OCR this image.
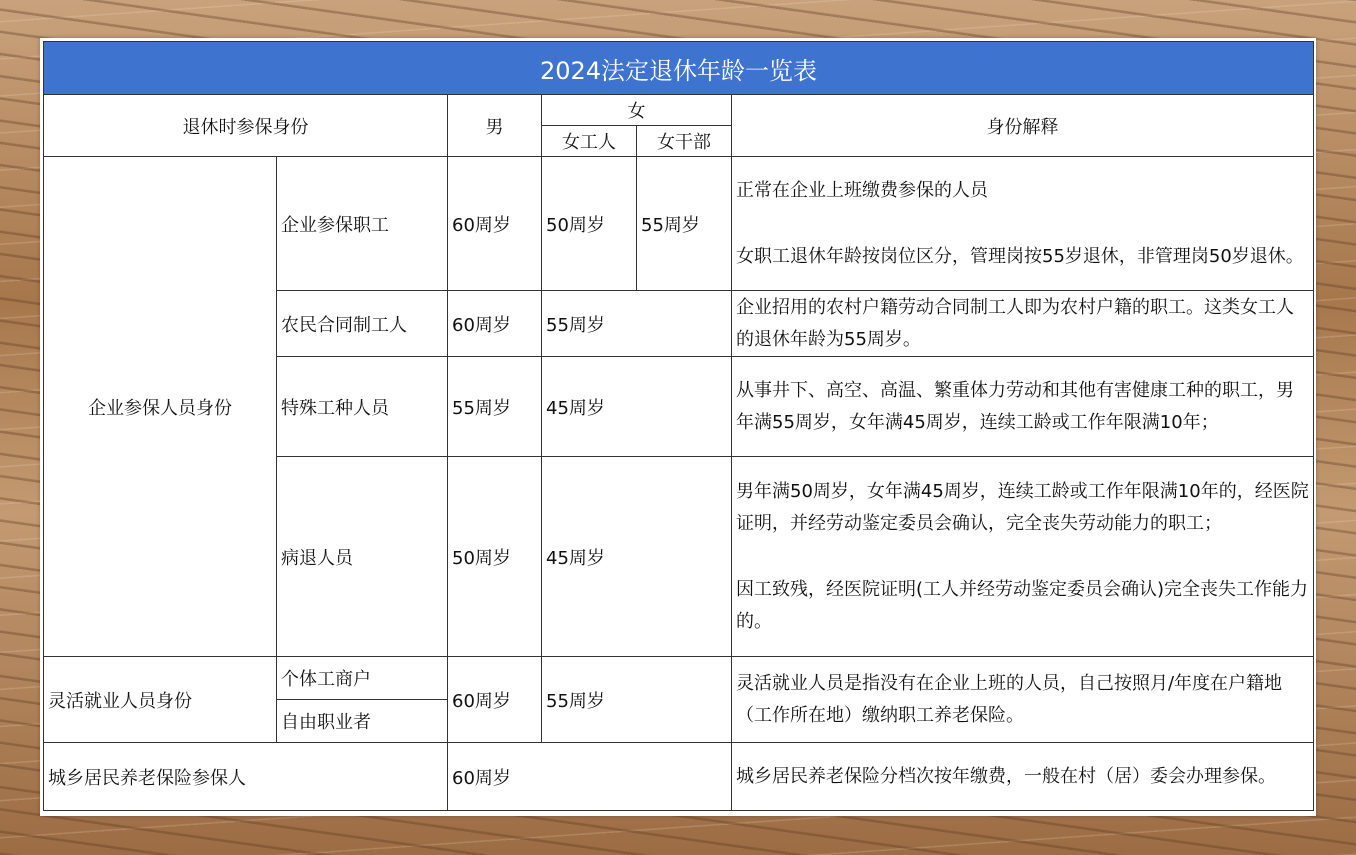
2024法定退休年龄一览表					
退休时参保身份		男	女		身份解释
			女工人	女干部	
企业参保人员身份	企业参保职工	60周岁	50周岁	55周岁	正常在企业上班缴费参保的人员
女职工退休年龄按岗位区分，管理岗按55岁退休，非管理岗50岁退休。

	农民合同制工人	60周岁	55周岁		企业招用的农村户籍劳动合同制工人即为农村户籍的职工。这类女工人的退休年龄为55周岁。
	特殊工种人员	55周岁	45周岁		从事井下、高空、高温、繁重体力劳动和其他有害健康工种的职工，男年满55周岁，女年满45周岁，连续工龄或工作年限满10年；
	病退人员	50周岁	45周岁		男年满50周岁，女年满45周岁，连续工龄或工作年限满10年的，经医院证明，并经劳动鉴定委员会确认，完全丧失劳动能力的职工；
因工致残，经医院证明(工人并经劳动鉴定委员会确认)完全丧失工作能力的。

灵活就业人员身份	个体工商户	60周岁	55周岁		灵活就业人员是指没有在企业上班的人员，自己按照月/年度在户籍地（工作所在地）缴纳职工养老保险。
	自由职业者				
城乡居民养老保险参保人		60周岁			城乡居民养老保险分档次按年缴费，一般在村（居）委会办理参保。
